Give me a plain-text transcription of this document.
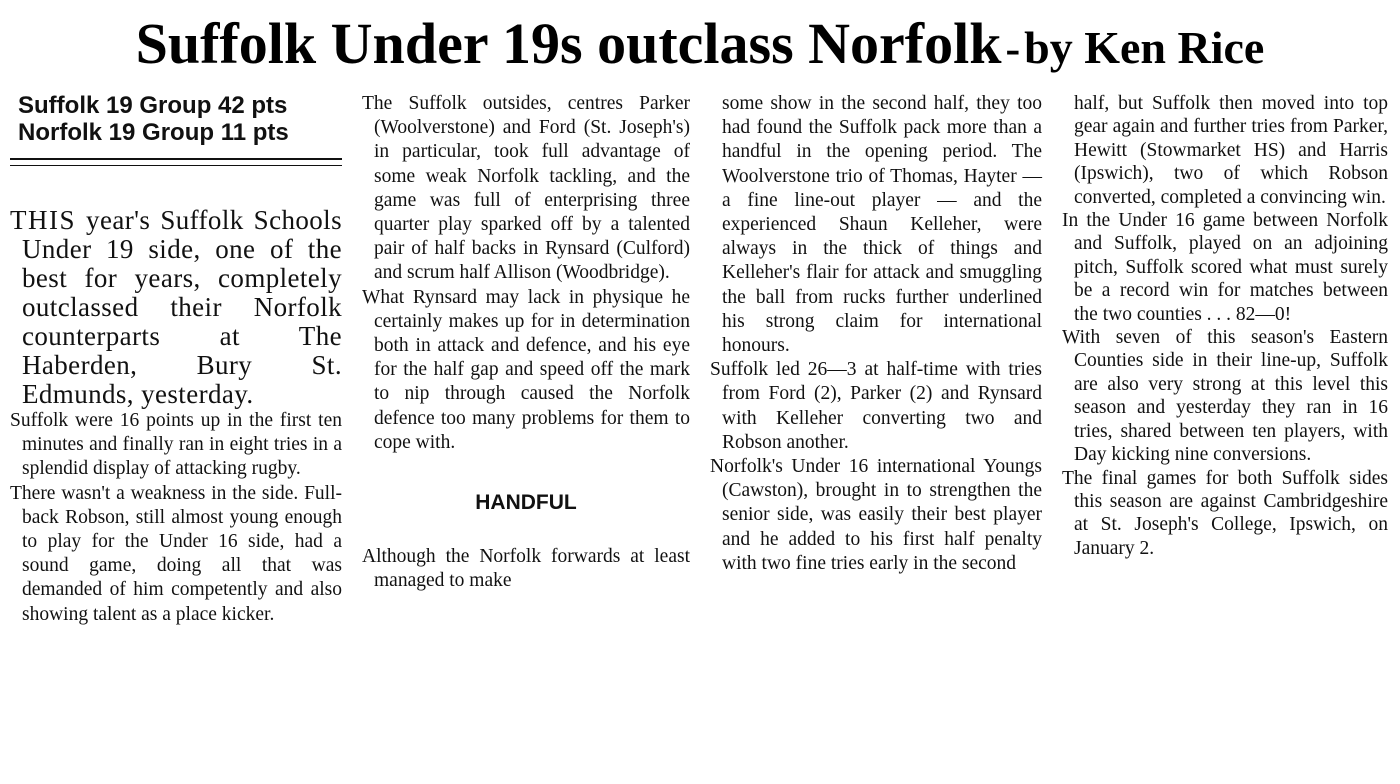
Suffolk Under 19s outclass Norfolk - by Ken Rice
Suffolk 19 Group 42 pts
Norfolk 19 Group 11 pts

THIS year's Suffolk Schools Under 19 side, one of the best for years, completely outclassed their Norfolk counterparts at The Haberden, Bury St. Edmunds, yesterday.

Suffolk were 16 points up in the first ten minutes and finally ran in eight tries in a splendid display of attacking rugby.

There wasn't a weakness in the side. Full-back Robson, still almost young enough to play for the Under 16 side, had a sound game, doing all that was demanded of him competently and also showing talent as a place kicker.

The Suffolk outsides, centres Parker (Woolverstone) and Ford (St. Joseph's) in particular, took full advantage of some weak Norfolk tackling, and the game was full of enterprising three quarter play sparked off by a talented pair of half backs in Rynsard (Culford) and scrum half Allison (Woodbridge).

What Rynsard may lack in physique he certainly makes up for in determination both in attack and defence, and his eye for the half gap and speed off the mark to nip through caused the Norfolk defence too many problems for them to cope with.

HANDFUL

Although the Norfolk forwards at least managed to make

some show in the second half, they too had found the Suffolk pack more than a handful in the opening period. The Woolverstone trio of Thomas, Hayter — a fine line-out player — and the experienced Shaun Kelleher, were always in the thick of things and Kelleher's flair for attack and smuggling the ball from rucks further underlined his strong claim for international honours.

Suffolk led 26—3 at half-time with tries from Ford (2), Parker (2) and Rynsard with Kelleher converting two and Robson another.

Norfolk's Under 16 international Youngs (Cawston), brought in to strengthen the senior side, was easily their best player and he added to his first half penalty with two fine tries early in the second

half, but Suffolk then moved into top gear again and further tries from Parker, Hewitt (Stowmarket HS) and Harris (Ipswich), two of which Robson converted, completed a convincing win.

In the Under 16 game between Norfolk and Suffolk, played on an adjoining pitch, Suffolk scored what must surely be a record win for matches between the two counties . . . 82—0!

With seven of this season's Eastern Counties side in their line-up, Suffolk are also very strong at this level this season and yesterday they ran in 16 tries, shared between ten players, with Day kicking nine conversions.

The final games for both Suffolk sides this season are against Cambridgeshire at St. Joseph's College, Ipswich, on January 2.
